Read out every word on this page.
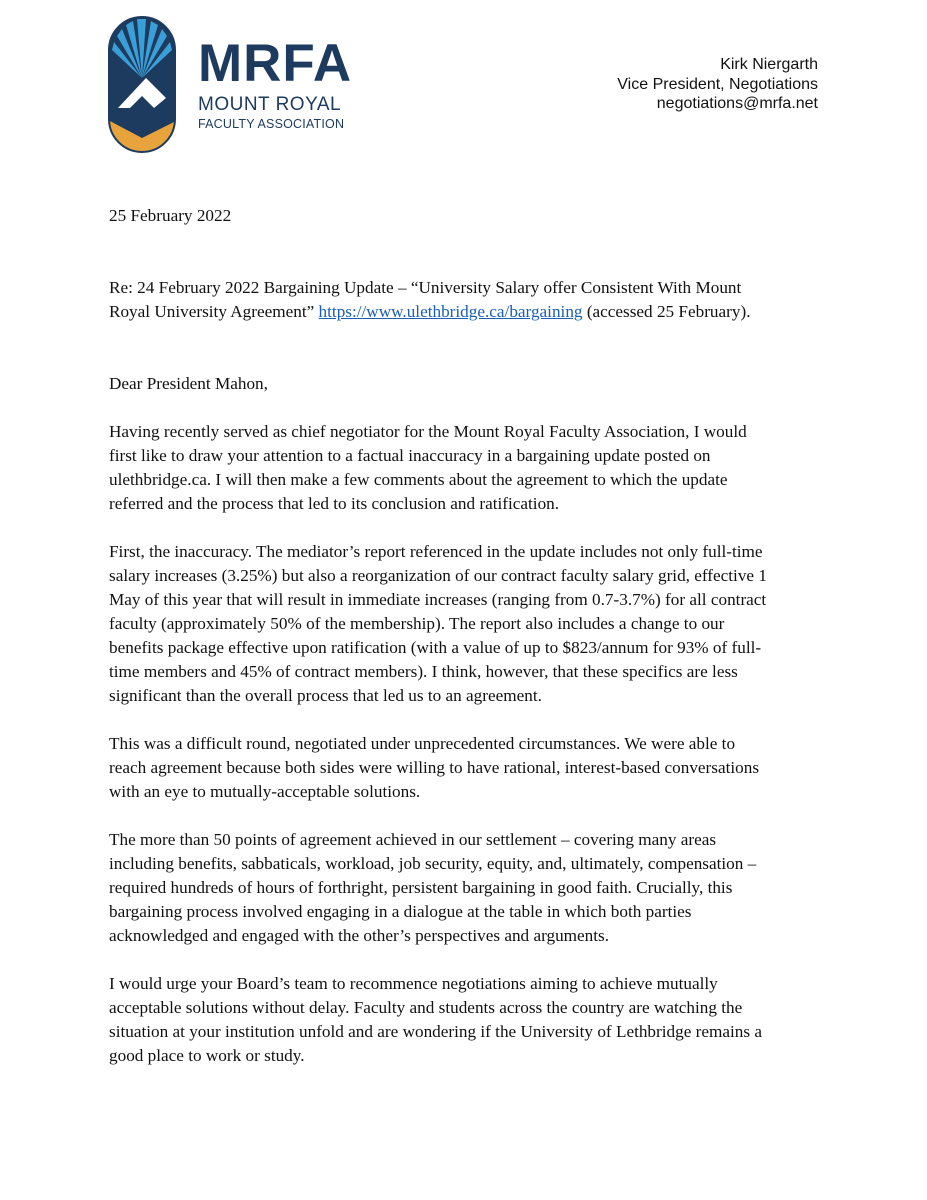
MRFA
MOUNT ROYAL
FACULTY ASSOCIATION
Kirk Niergarth
Vice President, Negotiations
negotiations@mrfa.net

25 February 2022

Re: 24 February 2022 Bargaining Update – “University Salary offer Consistent With Mount

Royal University Agreement” https://www.ulethbridge.ca/bargaining (accessed 25 February).

Dear President Mahon,

Having recently served as chief negotiator for the Mount Royal Faculty Association, I would

first like to draw your attention to a factual inaccuracy in a bargaining update posted on

ulethbridge.ca. I will then make a few comments about the agreement to which the update

referred and the process that led to its conclusion and ratification.

First, the inaccuracy. The mediator’s report referenced in the update includes not only full-time

salary increases (3.25%) but also a reorganization of our contract faculty salary grid, effective 1

May of this year that will result in immediate increases (ranging from 0.7-3.7%) for all contract

faculty (approximately 50% of the membership). The report also includes a change to our

benefits package effective upon ratification (with a value of up to $823/annum for 93% of full-

time members and 45% of contract members). I think, however, that these specifics are less

significant than the overall process that led us to an agreement.

This was a difficult round, negotiated under unprecedented circumstances. We were able to

reach agreement because both sides were willing to have rational, interest-based conversations

with an eye to mutually-acceptable solutions.

The more than 50 points of agreement achieved in our settlement – covering many areas

including benefits, sabbaticals, workload, job security, equity, and, ultimately, compensation –

required hundreds of hours of forthright, persistent bargaining in good faith. Crucially, this

bargaining process involved engaging in a dialogue at the table in which both parties

acknowledged and engaged with the other’s perspectives and arguments.

I would urge your Board’s team to recommence negotiations aiming to achieve mutually

acceptable solutions without delay. Faculty and students across the country are watching the

situation at your institution unfold and are wondering if the University of Lethbridge remains a

good place to work or study.
